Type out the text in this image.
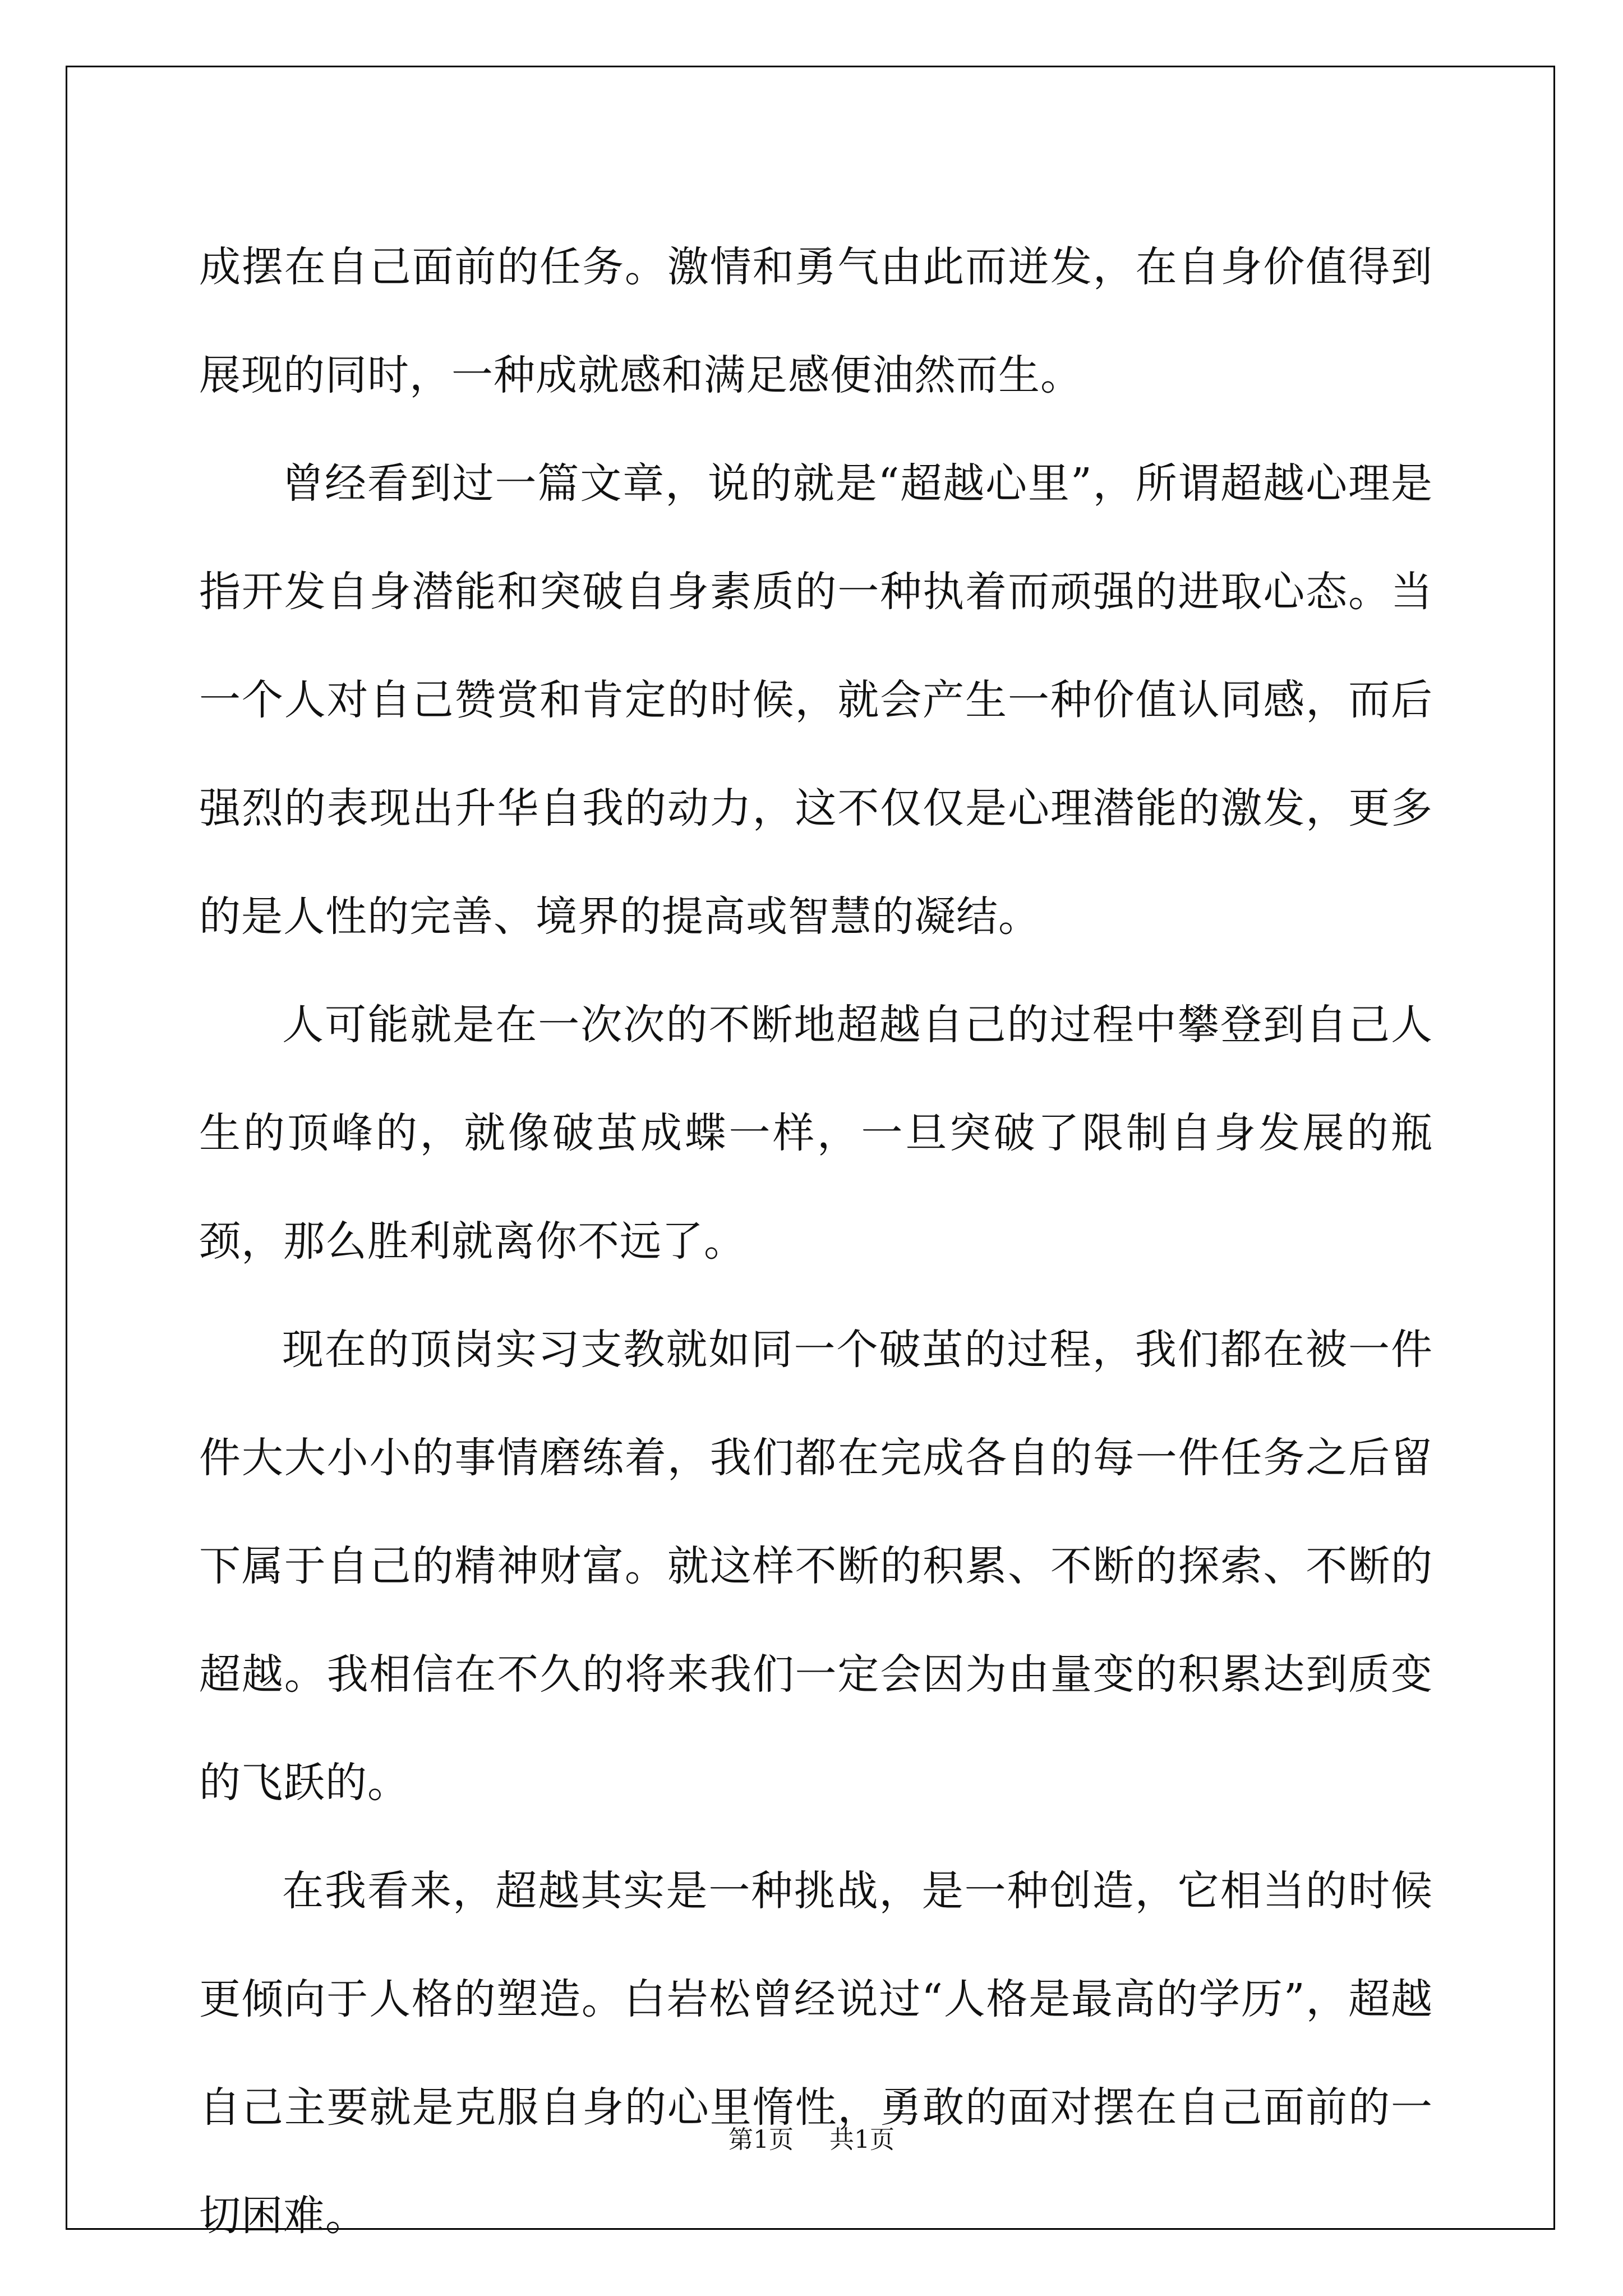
成摆在自己面前的任务。激情和勇气由此而迸发，在自身价值得到展现的同时，一种成就感和满足感便油然而生。

曾经看到过一篇文章，说的就是“超越心里”，所谓超越心理是指开发自身潜能和突破自身素质的一种执着而顽强的进取心态。当一个人对自己赞赏和肯定的时候，就会产生一种价值认同感，而后强烈的表现出升华自我的动力，这不仅仅是心理潜能的激发，更多的是人性的完善、境界的提高或智慧的凝结。

人可能就是在一次次的不断地超越自己的过程中攀登到自己人生的顶峰的，就像破茧成蝶一样，一旦突破了限制自身发展的瓶颈，那么胜利就离你不远了。

现在的顶岗实习支教就如同一个破茧的过程，我们都在被一件件大大小小的事情磨练着，我们都在完成各自的每一件任务之后留下属于自己的精神财富。就这样不断的积累、不断的探索、不断的超越。我相信在不久的将来我们一定会因为由量变的积累达到质变的飞跃的。

在我看来，超越其实是一种挑战，是一种创造，它相当的时候更倾向于人格的塑造。白岩松曾经说过“人格是最高的学历”，超越自己主要就是克服自身的心里惰性，勇敢的面对摆在自己面前的一切困难。

第1页 共1页
